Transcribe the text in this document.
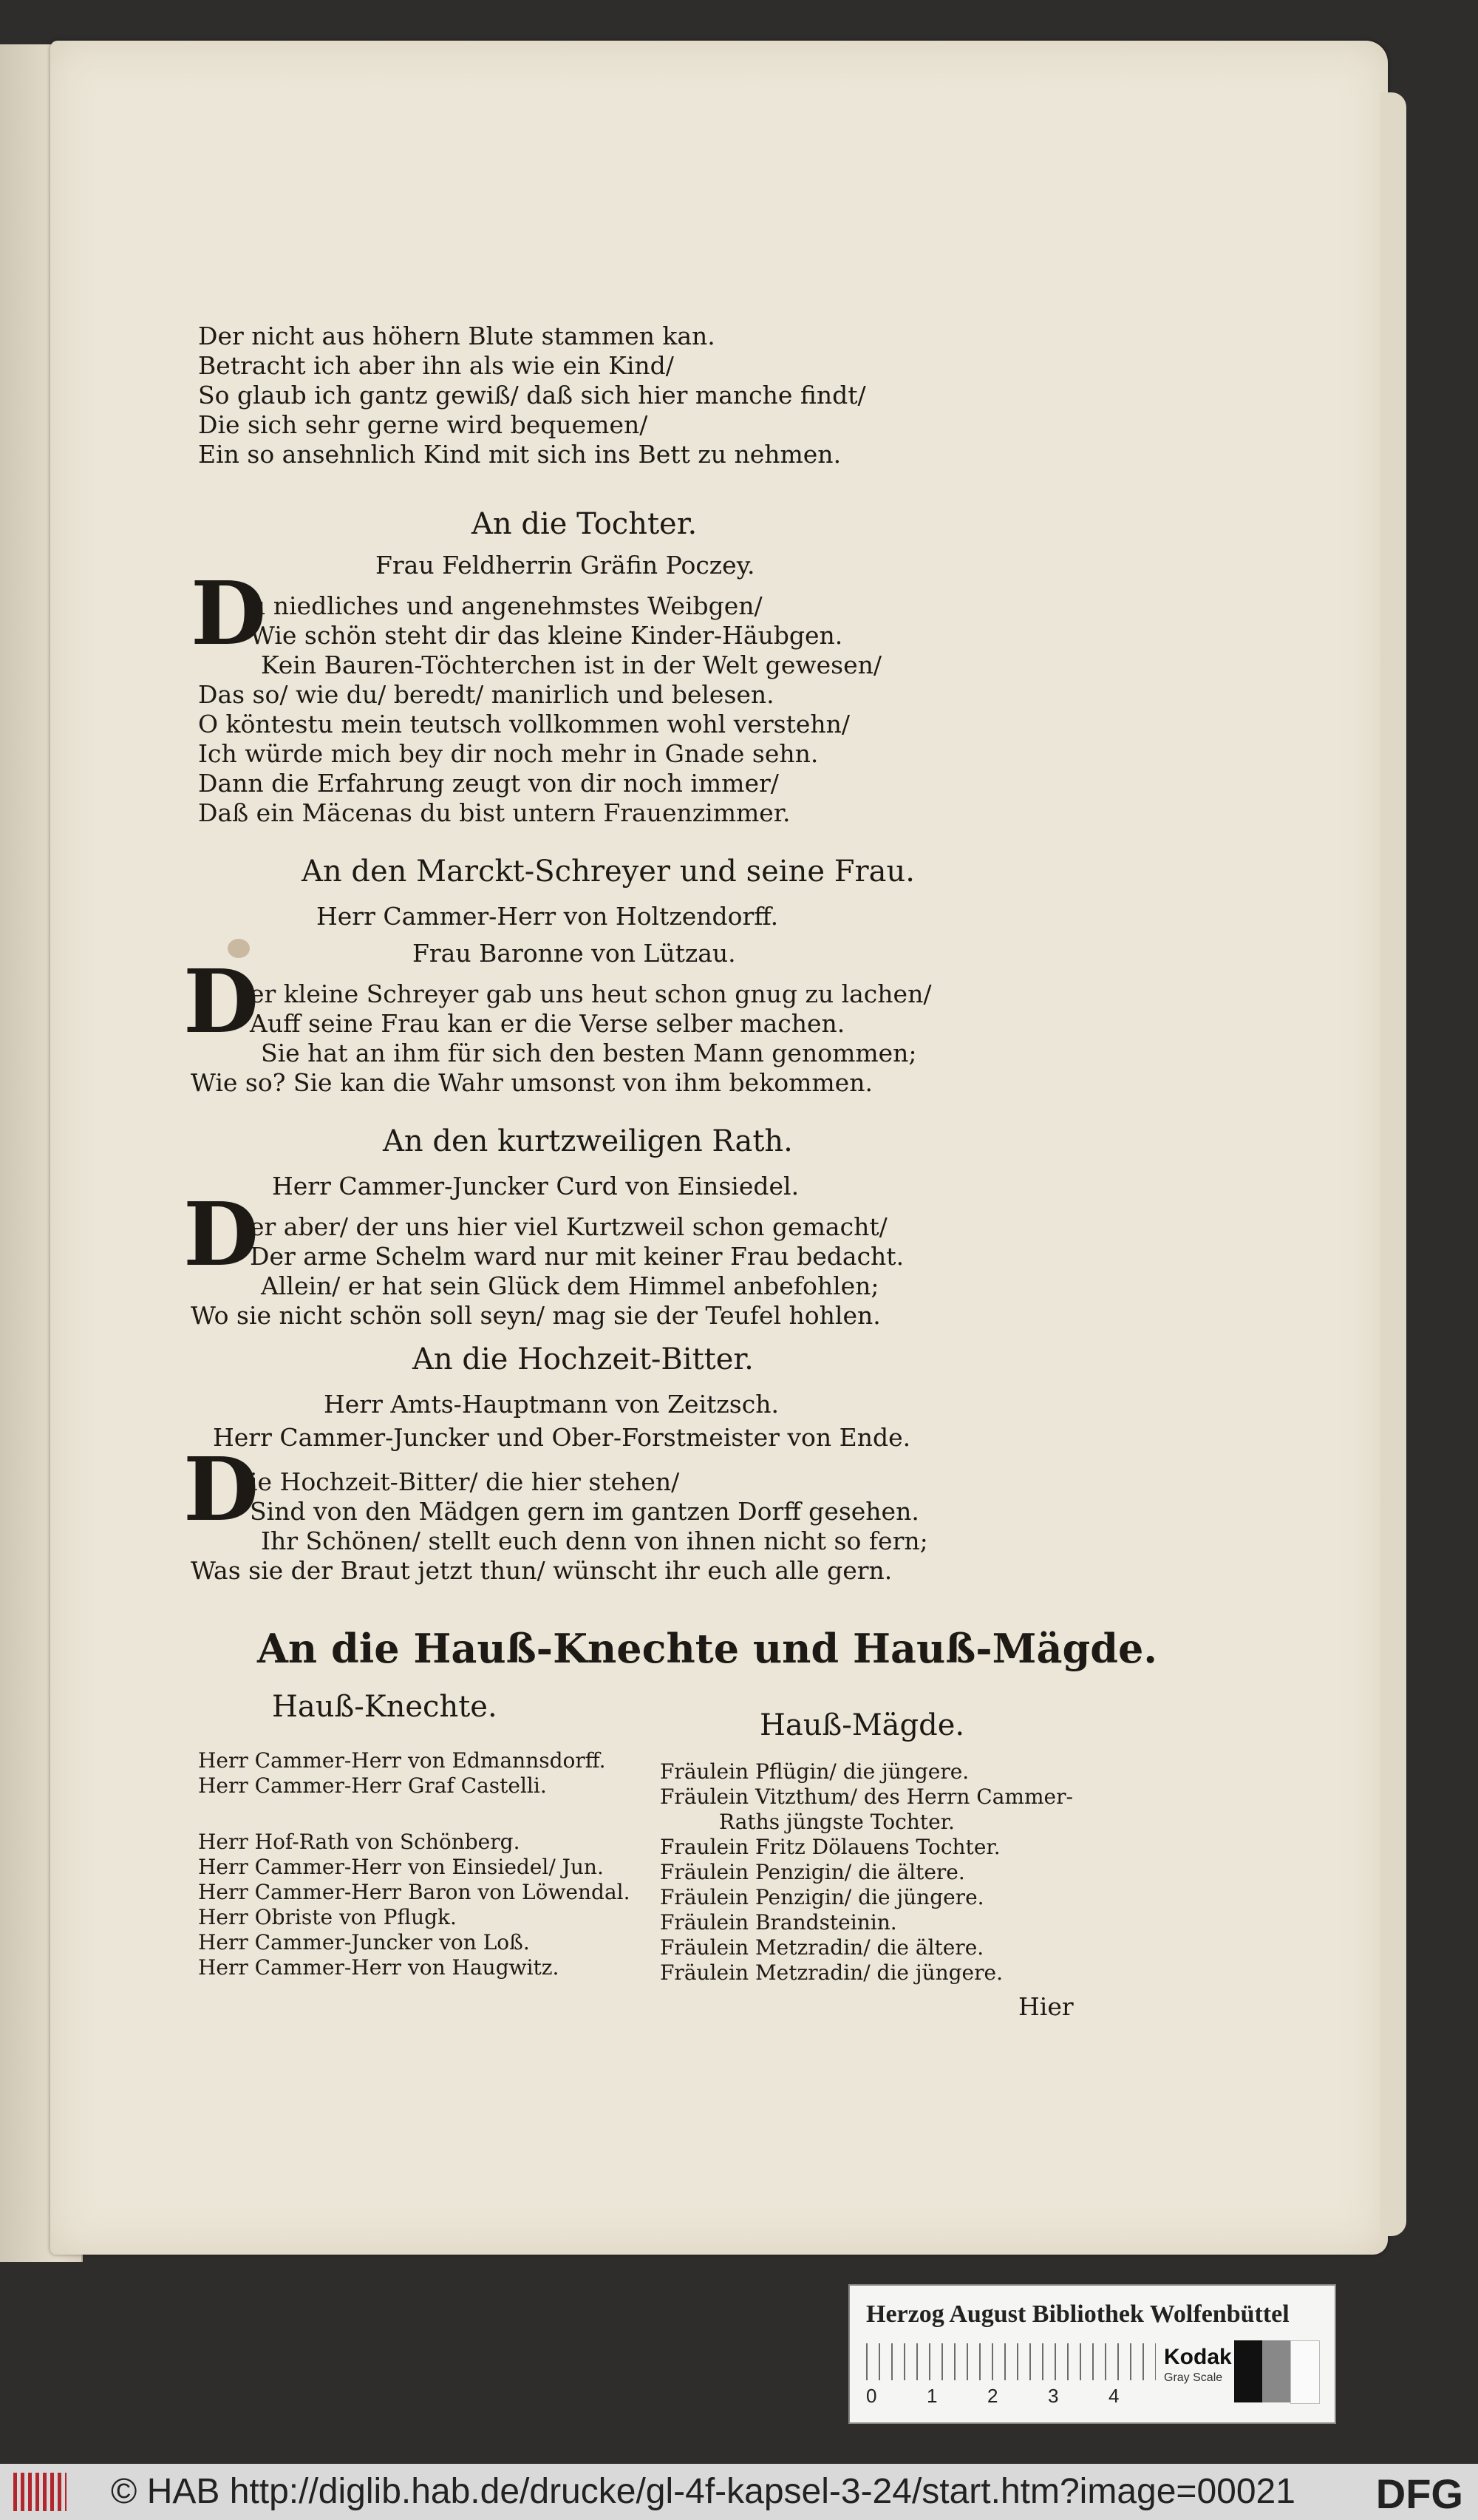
Der nicht aus höhern Blute stammen kan.
Betracht ich aber ihn als wie ein Kind/
So glaub ich gantz gewiß/ daß sich hier manche findt/
Die sich sehr gerne wird bequemen/
Ein so ansehnlich Kind mit sich ins Bett zu nehmen.
An die Tochter.
Frau Feldherrin Gräfin Poczey.
D
u niedliches und angenehmstes Weibgen/
Wie schön steht dir das kleine Kinder-Häubgen.
Kein Bauren-Töchterchen ist in der Welt gewesen/
Das so/ wie du/ beredt/ manirlich und belesen.
O köntestu mein teutsch vollkommen wohl verstehn/
Ich würde mich bey dir noch mehr in Gnade sehn.
Dann die Erfahrung zeugt von dir noch immer/
Daß ein Mäcenas du bist untern Frauenzimmer.
An den Marckt-Schreyer und seine Frau.
Herr Cammer-Herr von Holtzendorff.
Frau Baronne von Lützau.
D
er kleine Schreyer gab uns heut schon gnug zu lachen/
Auff seine Frau kan er die Verse selber machen.
Sie hat an ihm für sich den besten Mann genommen;
Wie so? Sie kan die Wahr umsonst von ihm bekommen.
An den kurtzweiligen Rath.
Herr Cammer-Juncker Curd von Einsiedel.
D
er aber/ der uns hier viel Kurtzweil schon gemacht/
Der arme Schelm ward nur mit keiner Frau bedacht.
Allein/ er hat sein Glück dem Himmel anbefohlen;
Wo sie nicht schön soll seyn/ mag sie der Teufel hohlen.
An die Hochzeit-Bitter.
Herr Amts-Hauptmann von Zeitzsch.
Herr Cammer-Juncker und Ober-Forstmeister von Ende.
D
ie Hochzeit-Bitter/ die hier stehen/
Sind von den Mädgen gern im gantzen Dorff gesehen.
Ihr Schönen/ stellt euch denn von ihnen nicht so fern;
Was sie der Braut jetzt thun/ wünscht ihr euch alle gern.
An die Hauß-Knechte und Hauß-Mägde.
Hauß-Knechte.
Hauß-Mägde.
Herr Cammer-Herr von Edmannsdorff.
Herr Cammer-Herr Graf Castelli.
Herr Hof-Rath von Schönberg.
Herr Cammer-Herr von Einsiedel/ Jun.
Herr Cammer-Herr Baron von Löwendal.
Herr Obriste von Pflugk.
Herr Cammer-Juncker von Loß.
Herr Cammer-Herr von Haugwitz.
Fräulein Pflügin/ die jüngere.
Fräulein Vitzthum/ des Herrn Cammer-
Raths jüngste Tochter.
Fraulein Fritz Dölauens Tochter.
Fräulein Penzigin/ die ältere.
Fräulein Penzigin/ die jüngere.
Fräulein Brandsteinin.
Fräulein Metzradin/ die ältere.
Fräulein Metzradin/ die jüngere.
Hier
Herzog August Bibliothek Wolfenbüttel
0	1	2	3	4
Kodak
Gray Scale
© HAB http://diglib.hab.de/drucke/gl-4f-kapsel-3-24/start.htm?image=00021 DFG
